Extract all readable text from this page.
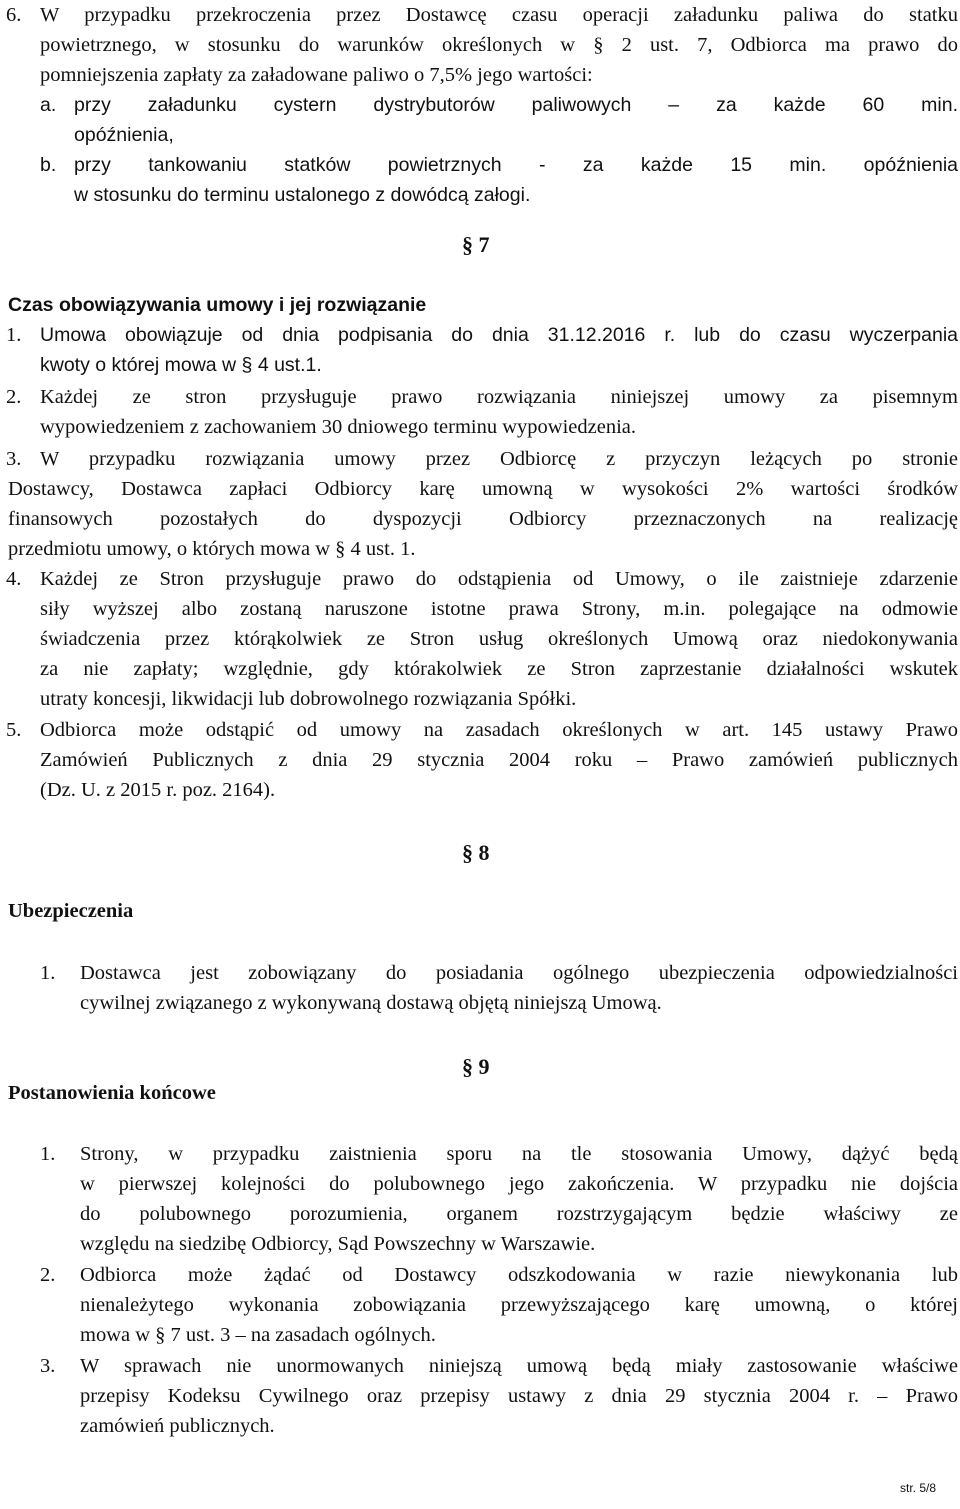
6. W przypadku przekroczenia przez Dostawcę czasu operacji załadunku paliwa do statku
powietrznego, w stosunku do warunków określonych w § 2 ust. 7, Odbiorca ma prawo do
pomniejszenia zapłaty za załadowane paliwo o 7,5% jego wartości:
a. przy załadunku cystern dystrybutorów paliwowych – za każde 60 min.
opóźnienia,
b. przy tankowaniu statków powietrznych - za każde 15 min. opóźnienia
w stosunku do terminu ustalonego z dowódcą załogi.
§ 7
Czas obowiązywania umowy i jej rozwiązanie
1. Umowa obowiązuje od dnia podpisania do dnia 31.12.2016 r. lub do czasu wyczerpania
kwoty o której mowa w § 4 ust.1.
2. Każdej ze stron przysługuje prawo rozwiązania niniejszej umowy za pisemnym
wypowiedzeniem z zachowaniem 30 dniowego terminu wypowiedzenia.
3. W przypadku rozwiązania umowy przez Odbiorcę z przyczyn leżących po stronie
Dostawcy, Dostawca zapłaci Odbiorcy karę umowną w wysokości 2% wartości środków
finansowych pozostałych do dyspozycji Odbiorcy przeznaczonych na realizację
przedmiotu umowy, o których mowa w § 4 ust. 1.
4. Każdej ze Stron przysługuje prawo do odstąpienia od Umowy, o ile zaistnieje zdarzenie
siły wyższej albo zostaną naruszone istotne prawa Strony, m.in. polegające na odmowie
świadczenia przez którąkolwiek ze Stron usług określonych Umową oraz niedokonywania
za nie zapłaty; względnie, gdy którakolwiek ze Stron zaprzestanie działalności wskutek
utraty koncesji, likwidacji lub dobrowolnego rozwiązania Spółki.
5. Odbiorca może odstąpić od umowy na zasadach określonych w art. 145 ustawy Prawo
Zamówień Publicznych z dnia 29 stycznia 2004 roku – Prawo zamówień publicznych
(Dz. U. z 2015 r. poz. 2164).
§ 8
Ubezpieczenia
1. Dostawca jest zobowiązany do posiadania ogólnego ubezpieczenia odpowiedzialności
cywilnej związanego z wykonywaną dostawą objętą niniejszą Umową.
§ 9
Postanowienia końcowe
1. Strony, w przypadku zaistnienia sporu na tle stosowania Umowy, dążyć będą
w pierwszej kolejności do polubownego jego zakończenia. W przypadku nie dojścia
do polubownego porozumienia, organem rozstrzygającym będzie właściwy ze
względu na siedzibę Odbiorcy, Sąd Powszechny w Warszawie.
2. Odbiorca może żądać od Dostawcy odszkodowania w razie niewykonania lub
nienależytego wykonania zobowiązania przewyższającego karę umowną, o której
mowa w § 7 ust. 3 – na zasadach ogólnych.
3. W sprawach nie unormowanych niniejszą umową będą miały zastosowanie właściwe
przepisy Kodeksu Cywilnego oraz przepisy ustawy z dnia 29 stycznia 2004 r. – Prawo
zamówień publicznych.
str. 5/8
